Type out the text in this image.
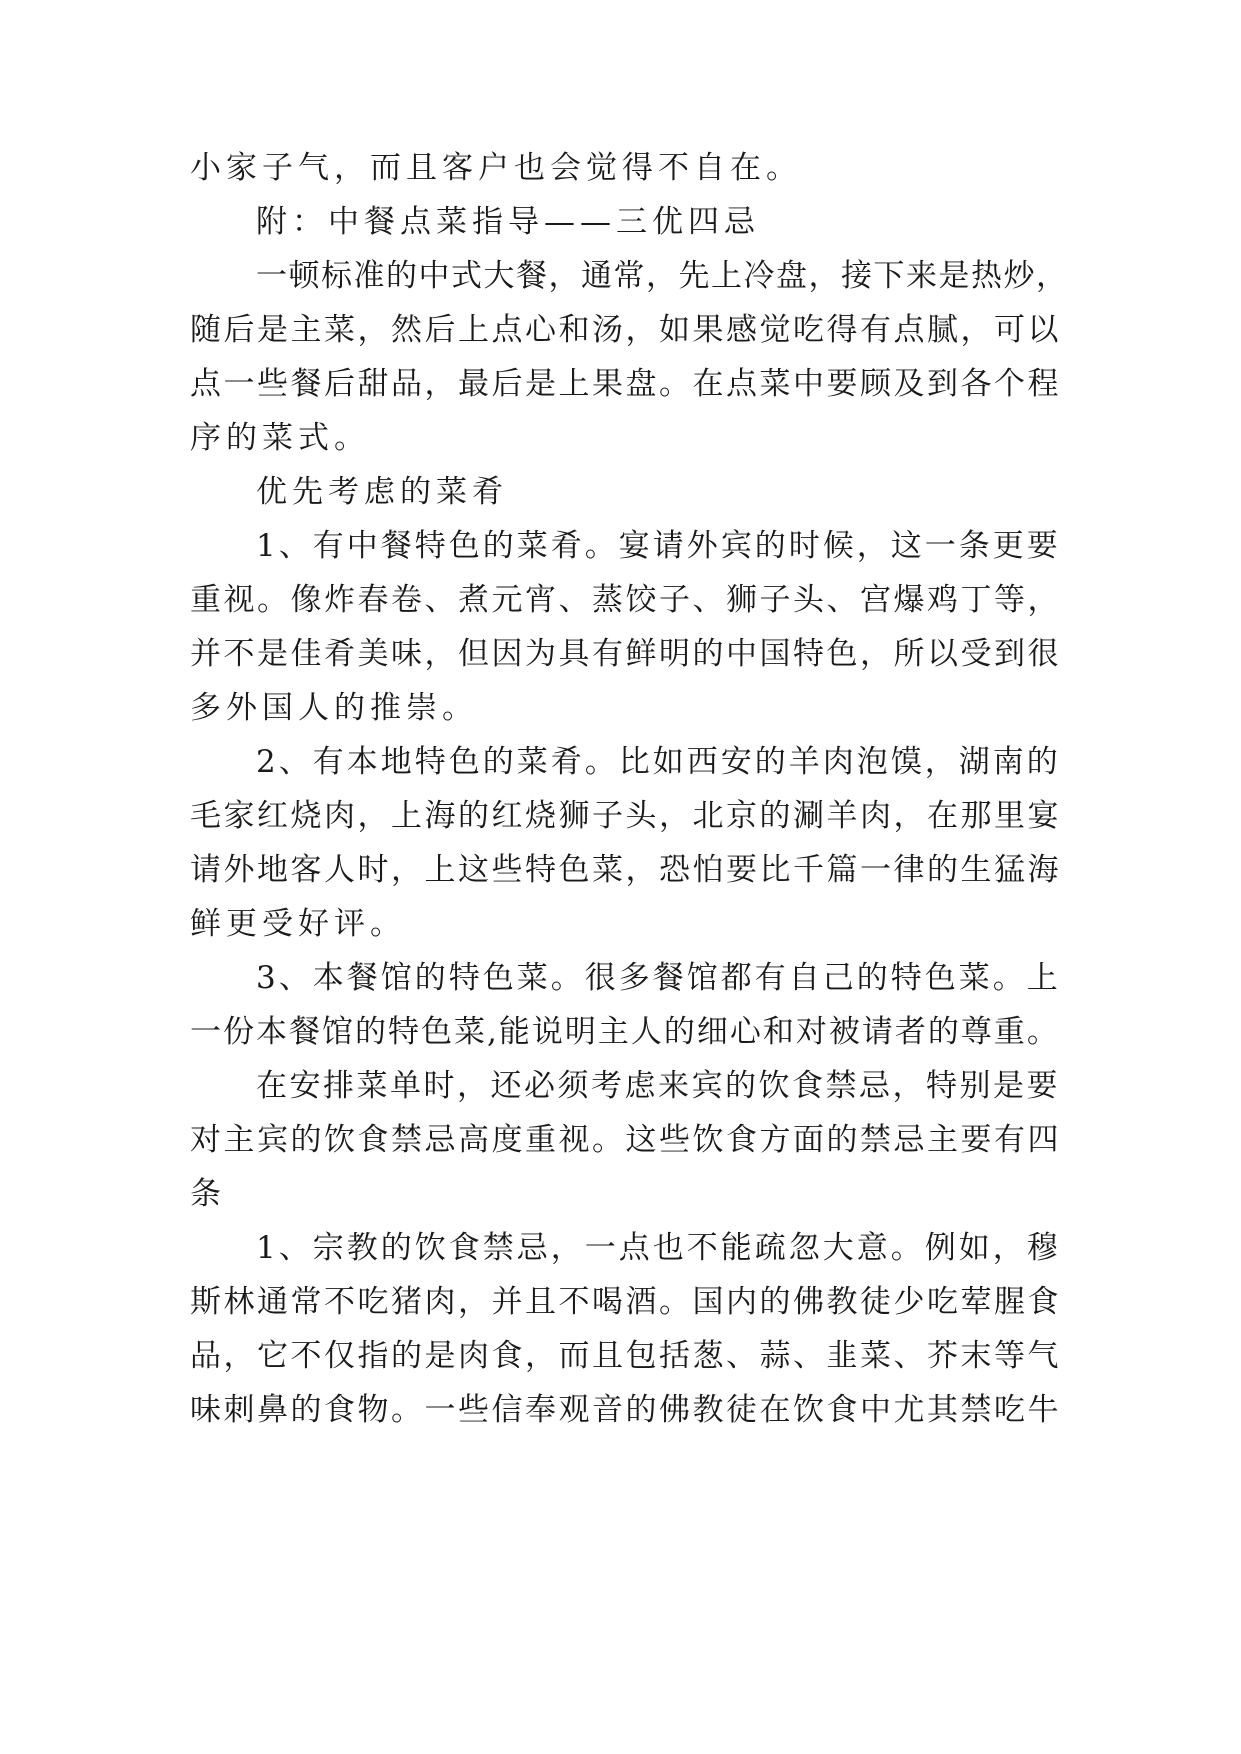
小家子气，而且客户也会觉得不自在。
附：中餐点菜指导——三优四忌
一顿标准的中式大餐，通常，先上冷盘，接下来是热炒，
随后是主菜，然后上点心和汤，如果感觉吃得有点腻，可以
点一些餐后甜品，最后是上果盘。在点菜中要顾及到各个程
序的菜式。
优先考虑的菜肴
1、有中餐特色的菜肴。宴请外宾的时候，这一条更要
重视。像炸春卷、煮元宵、蒸饺子、狮子头、宫爆鸡丁等，
并不是佳肴美味，但因为具有鲜明的中国特色，所以受到很
多外国人的推崇。
2、有本地特色的菜肴。比如西安的羊肉泡馍，湖南的
毛家红烧肉，上海的红烧狮子头，北京的涮羊肉，在那里宴
请外地客人时，上这些特色菜，恐怕要比千篇一律的生猛海
鲜更受好评。
3、本餐馆的特色菜。很多餐馆都有自己的特色菜。上
一份本餐馆的特色菜,能说明主人的细心和对被请者的尊重。
在安排菜单时，还必须考虑来宾的饮食禁忌，特别是要
对主宾的饮食禁忌高度重视。这些饮食方面的禁忌主要有四
条
1、宗教的饮食禁忌，一点也不能疏忽大意。例如，穆
斯林通常不吃猪肉，并且不喝酒。国内的佛教徒少吃荤腥食
品，它不仅指的是肉食，而且包括葱、蒜、韭菜、芥末等气
味刺鼻的食物。一些信奉观音的佛教徒在饮食中尤其禁吃牛
